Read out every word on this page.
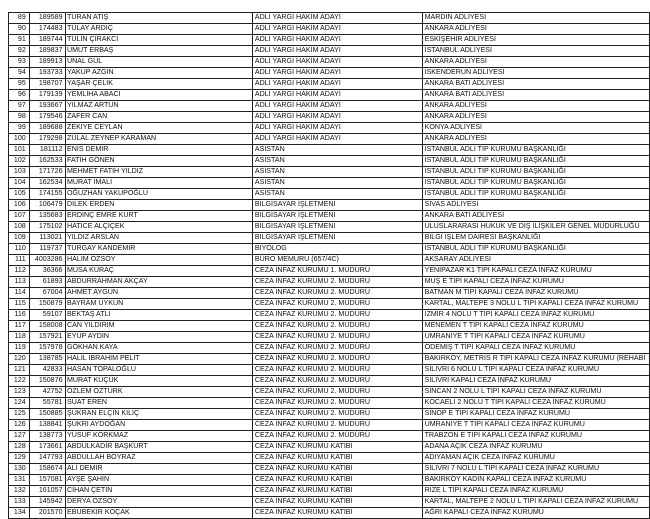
89	189589	TURAN ATIŞ	ADLİ YARGI HAKİM ADAYI	MARDİN ADLİYESİ
90	174483	TÜLAY ARDIÇ	ADLİ YARGI HAKİM ADAYI	ANKARA ADLİYESİ
91	189744	TÜLİN ÇIRAKCI	ADLİ YARGI HAKİM ADAYI	ESKİŞEHİR ADLİYESİ
92	189837	UMUT ERBAŞ	ADLİ YARGI HAKİM ADAYI	İSTANBUL ADLİYESİ
93	189913	ÜNAL GÜL	ADLİ YARGI HAKİM ADAYI	ANKARA ADLİYESİ
94	193733	YAKUP AZGIN	ADLİ YARGI HAKİM ADAYI	İSKENDERUN ADLİYESİ
95	198707	YAŞAR ÇELİK	ADLİ YARGI HAKİM ADAYI	ANKARA BATI ADLİYESİ
96	179139	YEMLİHA ABACI	ADLİ YARGI HAKİM ADAYI	ANKARA BATI ADLİYESİ
97	193667	YILMAZ ARTUN	ADLİ YARGI HAKİM ADAYI	ANKARA ADLİYESİ
98	179546	ZAFER CAN	ADLİ YARGI HAKİM ADAYI	ANKARA ADLİYESİ
99	189688	ZEKİYE CEYLAN	ADLİ YARGI HAKİM ADAYI	KONYA ADLİYESİ
100	179298	ZÜLAL ZEYNEP KARAMAN	ADLİ YARGI HAKİM ADAYI	ANKARA ADLİYESİ
101	181112	ENİS DEMİR	ASİSTAN	İSTANBUL ADLİ TIP KURUMU BAŞKANLIĞI
102	162533	FATİH GÖNEN	ASİSTAN	İSTANBUL ADLİ TIP KURUMU BAŞKANLIĞI
103	171726	MEHMET FATİH YILDIZ	ASİSTAN	İSTANBUL ADLİ TIP KURUMU BAŞKANLIĞI
104	162534	MURAT İMALI	ASİSTAN	İSTANBUL ADLİ TIP KURUMU BAŞKANLIĞI
105	174155	OĞUZHAN YAKUPOĞLU	ASİSTAN	İSTANBUL ADLİ TIP KURUMU BAŞKANLIĞI
106	106479	DİLEK ERDEN	BİLGİSAYAR İŞLETMENİ	SİVAS ADLİYESİ
107	135683	ERDİNÇ EMRE KURT	BİLGİSAYAR İŞLETMENİ	ANKARA BATI ADLİYESİ
108	175102	HATİCE ALÇİÇEK	BİLGİSAYAR İŞLETMENİ	ULUSLARARASI HUKUK VE DIŞ İLİŞKİLER GENEL MÜDÜRLÜĞÜ
109	113021	YILDIZ ARSLAN	BİLGİSAYAR İŞLETMENİ	BİLGİ İŞLEM DAİRESİ BAŞKANLIĞI
110	119737	TURGAY KANDEMİR	BİYOLOG	İSTANBUL ADLİ TIP KURUMU BAŞKANLIĞI
111	4003286	HALİM ÖZSOY	BÜRO MEMURU (657/4C)	AKSARAY ADLİYESİ
112	36366	MUSA KURAÇ	CEZA İNFAZ KURUMU 1. MÜDÜRÜ	YENİPAZAR K1 TİPİ KAPALI CEZA İNFAZ KURUMU
113	61893	ABDURRAHMAN AKÇAY	CEZA İNFAZ KURUMU 2. MÜDÜRÜ	MUŞ E TİPİ KAPALI CEZA İNFAZ KURUMU
114	67004	AHMET AYGÜN	CEZA İNFAZ KURUMU 2. MÜDÜRÜ	BATMAN M TİPİ KAPALI CEZA İNFAZ KURUMU
115	150879	BAYRAM UYKUN	CEZA İNFAZ KURUMU 2. MÜDÜRÜ	KARTAL, MALTEPE 3 NOLU L TİPİ KAPALI CEZA İNFAZ KURUMU
116	59107	BEKTAŞ ATLI	CEZA İNFAZ KURUMU 2. MÜDÜRÜ	İZMİR 4 NOLU T TİPİ KAPALI CEZA İNFAZ KURUMU
117	158008	CAN YILDIRIM	CEZA İNFAZ KURUMU 2. MÜDÜRÜ	MENEMEN T TİPİ KAPALI CEZA İNFAZ KURUMU
118	157921	EYÜP AYDIN	CEZA İNFAZ KURUMU 2. MÜDÜRÜ	ÜMRANİYE T TİPİ KAPALI CEZA İNFAZ KURUMU
119	157978	GÖKHAN KAYA	CEZA İNFAZ KURUMU 2. MÜDÜRÜ	ÖDEMİŞ T TİPİ KAPALI CEZA İNFAZ KURUMU
120	138785	HALİL İBRAHİM PELİT	CEZA İNFAZ KURUMU 2. MÜDÜRÜ	BAKIRKÖY, METRİS R TİPİ KAPALI CEZA İNFAZ KURUMU (REHABİ
121	42833	HASAN TOPALOĞLU	CEZA İNFAZ KURUMU 2. MÜDÜRÜ	SİLİVRİ 6 NOLU L TİPİ KAPALI CEZA İNFAZ KURUMU
122	150876	MURAT KÜÇÜK	CEZA İNFAZ KURUMU 2. MÜDÜRÜ	SİLİVRİ KAPALI CEZA İNFAZ KURUMU
123	42752	ÖZLEM ÖZTÜRK	CEZA İNFAZ KURUMU 2. MÜDÜRÜ	SİNCAN 2 NOLU L TİPİ KAPALI CEZA İNFAZ KURUMU
124	55781	SUAT EREN	CEZA İNFAZ KURUMU 2. MÜDÜRÜ	KOCAELİ 2 NOLU T TİPİ KAPALI CEZA İNFAZ KURUMU
125	150885	ŞÜKRAN ELÇİN KILIÇ	CEZA İNFAZ KURUMU 2. MÜDÜRÜ	SİNOP E TİPİ KAPALI CEZA İNFAZ KURUMU
126	138841	ŞÜKRİ AYDOĞAN	CEZA İNFAZ KURUMU 2. MÜDÜRÜ	ÜMRANİYE T TİPİ KAPALI CEZA İNFAZ KURUMU
127	138773	YUSUF KORKMAZ	CEZA İNFAZ KURUMU 2. MÜDÜRÜ	TRABZON E TİPİ KAPALI CEZA İNFAZ KURUMU
128	173661	ABDULKADİR BAŞKURT	CEZA İNFAZ KURUMU KATİBİ	ADANA AÇIK CEZA İNFAZ KURUMU
129	147793	ABDULLAH BOYRAZ	CEZA İNFAZ KURUMU KATİBİ	ADIYAMAN AÇIK CEZA İNFAZ KURUMU
130	158674	ALİ DEMİR	CEZA İNFAZ KURUMU KATİBİ	SİLİVRİ 7 NOLU L TİPİ KAPALI CEZA İNFAZ KURUMU
131	157081	AYŞE ŞAHİN	CEZA İNFAZ KURUMU KATİBİ	BAKIRKÖY KADIN KAPALI CEZA İNFAZ KURUMU
132	161057	CİHAN ÇETİN	CEZA İNFAZ KURUMU KATİBİ	RİZE L TİPİ KAPALI CEZA İNFAZ KURUMU
133	145942	DERYA ÖZSOY	CEZA İNFAZ KURUMU KATİBİ	KARTAL, MALTEPE 2 NOLU L TİPİ KAPALI CEZA İNFAZ KURUMU
134	201570	EBUBEKİR KOÇAK	CEZA İNFAZ KURUMU KATİBİ	AĞRI KAPALI CEZA İNFAZ KURUMU
